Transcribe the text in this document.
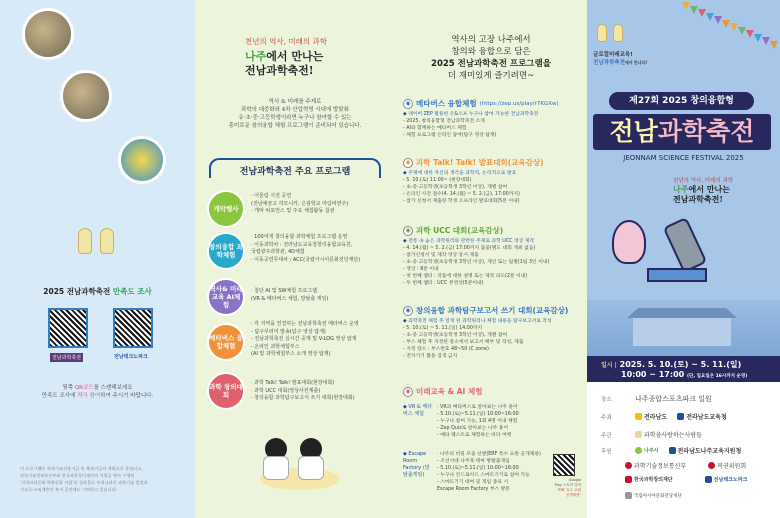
2025 전남과학축전 만족도 조사
전남과학축전	전남테크노파크
뒷쪽 QR코드를 스캔해보세요
만족도 조사에 적극 참여하여 주시기 바랍니다.
이 프로그램은 과학기술진흥기금 및 복권기금의 재원으로 운영되고,
과학기술정보통신부와 한국과학창의재단의 지원을 받아 수행된
'지역과학문화 역량강화 사업'의 성과물로 우리나라의 과학기술 발전과
저소득·소외계층의 복지 증진에도 기여하고 있습니다.
천년의 역사, 미래의 과학
나주에서 만나는
전남과학축전!
역사 & 미래를 주제로
과학의 대중화와 4차 산업혁명 시대에 발맞춰
유·초·중·고등학생이라면 누구나 참여할 수 있는
흥미로운 창의융합 체험 프로그램이 준비되어 있습니다.
전남과학축전 주요 프로그램
개막행사
· 어울림 식전 공연
(전남예술고 하모니카, 은광학교 마림바연주)
· 개막 퍼포먼스 및 주요 체험활동 참관
창의융합 과학체험
· 100여개 창의융합 과학체험 프로그램 운영
· 이동과학차 : 전라남도교육청창의융합교육원,
국립광주과학관, 4D체험
· 이동공연무대차 : ACC(국립아시아문화전당재단)
역사& 미래교육 AI체험
· 첨단 AI 및 SW체험 프로그램
(VR & 메타버스 체험, 방탈출 게임)
메타버스 융합체험
· 각 지역을 연결하는 전남과학축전 메타버스 운영
- 탐구꾸러미 발송(탐구 영상 탑재)
- 전남과학축전 실시간 중계 및 V-LOG 영상 탑재
- 온라인 과학체험부스
(AI 및 과학체험부스 소개 영상 탑재)
과학 창의대회
· 과학 Talk! Talk! 발표대회(현장대회)
· 과학 UCC 대회(영상사전제출)
· 창의융합 과학탐구보고서 쓰기 대회(현장대회)
역사의 고장 나주에서
창의와 융합으로 담은
2025 전남과학축전 프로그램을
더 재미있게 즐기려면~
◉ 메타버스 융합체험 (https://zep.us/play/r7KGXw)
◆ 네이버 ZEP 활용한 온&오프 누구나 참여 가능한 전남과학축전
- 2025. 창의융합형 전남과학축전 소개
- AI와 함께하는 메타버스 체험
- 체험 프로그램 온라인 참여(탐구 영상 탑재)
◉ 과학 Talk! Talk! 발표대회(교육감상)
◆ 주제에 대한 자신의 생각을 과학적, 논리적으로 발표
- 5. 10.(토) 11:00~ (현장대회)
- 초·중·고등학생(초등학생 3학년 이상), 개별 참여
- 온라인 사전 접수(4. 14.(월) ~ 5. 2.(금), 17:00까지)
- 참가 신청서 제출한 학생 오프라인 발표대회(5분 이내)
◉ 과학 UCC 대회(교육감상)
◆ 전통 속 숨은 과학원리와 관련한 주제로 과학 UCC 영상 제작
- 4. 14.(월) ~ 5. 2.(금) 17:00까지 출품(별도 대회 개최 없음)
- 참가신청서 및 제작 영상 동시 제출
- 초·중·고등학생(초등학생 3학년 이상), 개인 또는 팀별(1팀 3인 이내)
- 영상 : 8분 이내
- 첫 번째 챕터 : 작품에 대한 설명 또는 제작 의도(2분 이내)
- 두 번째 챕터 : UCC 본영상(5분이내)
◉ 창의융합 과학탐구보고서 쓰기 대회(교육감상)
◆ 과학축전 체험 후 알게 된 과학원리나 체험 내용을 탐구보고서로 작성
- 5. 10.(토) ~ 5. 11.(일) 14:00까지
- 초·중·고등학생(초등학생 3학년 이상), 개별 참여
- 부스 체험 후 지정된 장소에서 보고서 배부 및 작성, 제출
- 지정 장소 : 부스번호 48~50 (C zone)
- 전자기기 활용 검색 금지
◉ 미래교육 & AI 체험
◆ VR & 메타버스 체험
· VR과 메타버스로 알아보는 나주 홍어
- 5.10.(토)~5.11.(일) 10:00~16:00
- 누구나 참여 가능, 1회 4명 이내 체험
- Zep Quiz로 알아보는 나주 홍어
- 메타 퀘스트로 체험하는 바다 여행
◆ Escape Room Factory (방탈출게임)
· 나주의 비밀 포졸 선발(ERF 특수 요원 공개채용)
- 조선시대 나주목 테마 방탈출게임
- 5.10.(토)~5.11.(일) 10:00~16:00
- 누구나 안드로이드 스마트기기로 참여 가능
- 스마트기기 대여 및 게임 종료 시
Escape Room Factory 부스 방문
Google
Play 스토어 검색
"ERF 특수 요원
공개채용"
글로컬미래교육!
전남과학축전에서 만나다!
제27회 2025 창의융합형
전남과학축전
JEONNAM SCIENCE FESTIVAL 2025
천년의 역사, 미래의 과학
나주에서 만나는
전남과학축전!
일시 | 2025. 5. 10.(토) ~ 5. 11.(일)
10:00 ~ 17:00 (단, 일요일은 16시까지 운영)
장소	나주종합스포츠파크 일원
주최	전라남도	전라남도교육청
주관	과학을사랑하는사람들
후원	나주시	전라남도나주교육지원청
과학기술정보통신부	복권위원회
한국과학창의재단	전남테크노파크
국립아시아문화전당재단
